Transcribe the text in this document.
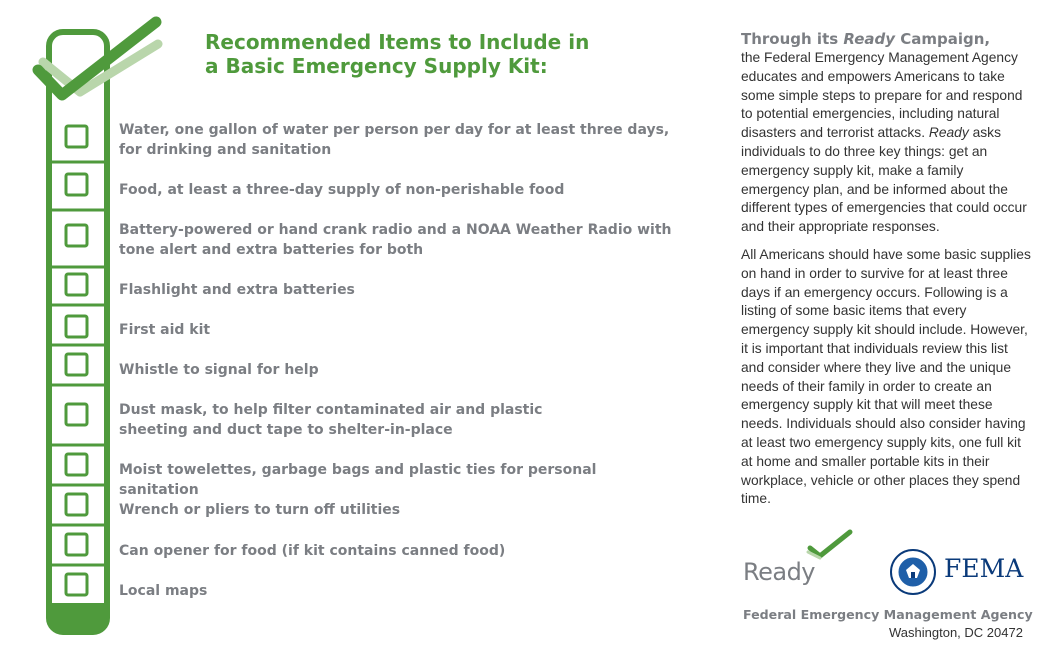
Recommended Items to Include in
a Basic Emergency Supply Kit:

Water, one gallon of water per person per day for at least three days,
for drinking and sanitation

Food, at least a three-day supply of non-perishable food

Battery-powered or hand crank radio and a NOAA Weather Radio with
tone alert and extra batteries for both

Flashlight and extra batteries

First aid kit

Whistle to signal for help

Dust mask, to help filter contaminated air and plastic
sheeting and duct tape to shelter-in-place

Moist towelettes, garbage bags and plastic ties for personal sanitation

Wrench or pliers to turn off utilities

Can opener for food (if kit contains canned food)

Local maps

Through its Ready Campaign,
the Federal Emergency Management Agency educates and empowers Americans to take some simple steps to prepare for and respond to potential emergencies, including natural disasters and terrorist attacks. Ready asks individuals to do three key things: get an emergency supply kit, make a family emergency plan, and be informed about the different types of emergencies that could occur and their appropriate responses.

All Americans should have some basic supplies on hand in order to survive for at least three days if an emergency occurs. Following is a listing of some basic items that every emergency supply kit should include. However, it is important that individuals review this list and consider where they live and the unique needs of their family in order to create an emergency supply kit that will meet these needs. Individuals should also consider having at least two emergency supply kits, one full kit at home and smaller portable kits in their workplace, vehicle or other places they spend time.

Ready	FEMA

Federal Emergency Management Agency

Washington, DC 20472
